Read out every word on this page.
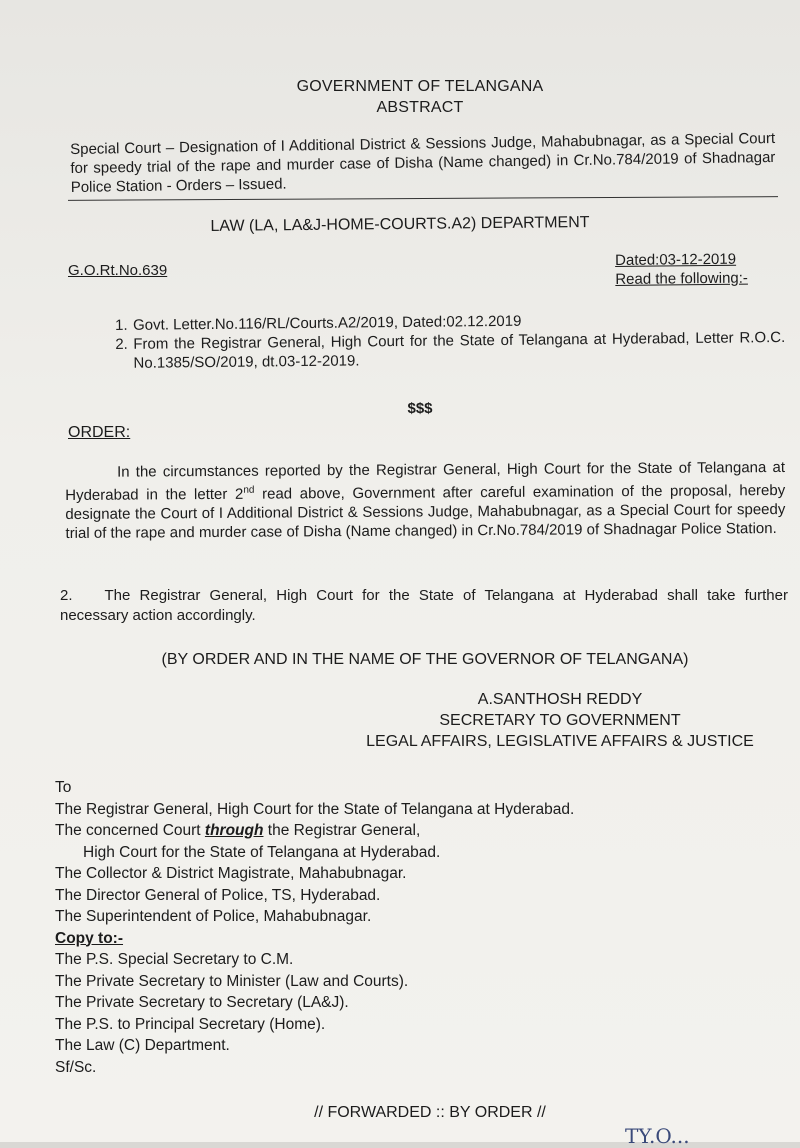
GOVERNMENT OF TELANGANA
ABSTRACT
Special Court – Designation of I Additional District & Sessions Judge, Mahabubnagar, as a Special Court for speedy trial of the rape and murder case of Disha (Name changed) in Cr.No.784/2019 of Shadnagar Police Station - Orders – Issued.
LAW (LA, LA&J-HOME-COURTS.A2) DEPARTMENT
G.O.Rt.No.639
Dated:03-12-2019
Read the following:-
1. Govt. Letter.No.116/RL/Courts.A2/2019, Dated:02.12.2019
2. From the Registrar General, High Court for the State of Telangana at Hyderabad, Letter R.O.C. No.1385/SO/2019, dt.03-12-2019.
$$$
ORDER:
In the circumstances reported by the Registrar General, High Court for the State of Telangana at Hyderabad in the letter 2nd read above, Government after careful examination of the proposal, hereby designate the Court of I Additional District & Sessions Judge, Mahabubnagar, as a Special Court for speedy trial of the rape and murder case of Disha (Name changed) in Cr.No.784/2019 of Shadnagar Police Station.
2. The Registrar General, High Court for the State of Telangana at Hyderabad shall take further necessary action accordingly.
(BY ORDER AND IN THE NAME OF THE GOVERNOR OF TELANGANA)
A.SANTHOSH REDDY
SECRETARY TO GOVERNMENT
LEGAL AFFAIRS, LEGISLATIVE AFFAIRS & JUSTICE
To
The Registrar General, High Court for the State of Telangana at Hyderabad.
The concerned Court through the Registrar General,
High Court for the State of Telangana at Hyderabad.
The Collector & District Magistrate, Mahabubnagar.
The Director General of Police, TS, Hyderabad.
The Superintendent of Police, Mahabubnagar.
Copy to:-
The P.S. Special Secretary to C.M.
The Private Secretary to Minister (Law and Courts).
The Private Secretary to Secretary (LA&J).
The P.S. to Principal Secretary (Home).
The Law (C) Department.
Sf/Sc.
// FORWARDED :: BY ORDER //
TY.O...
